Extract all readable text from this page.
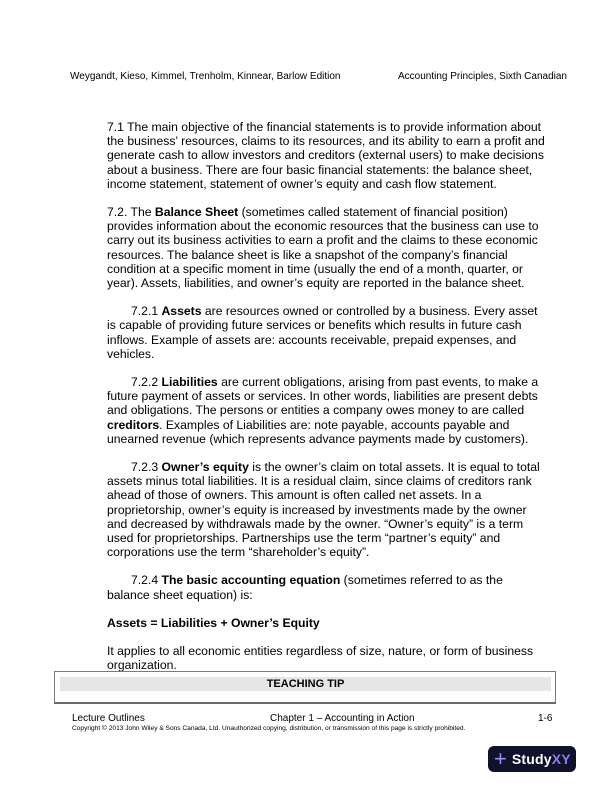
Weygandt, Kieso, Kimmel, Trenholm, Kinnear, Barlow Edition	Accounting Principles, Sixth Canadian

7.1 The main objective of the financial statements is to provide information about the business’ resources, claims to its resources, and its ability to earn a profit and generate cash to allow investors and creditors (external users) to make decisions about a business. There are four basic financial statements: the balance sheet, income statement, statement of owner’s equity and cash flow statement.

7.2. The Balance Sheet (sometimes called statement of financial position) provides information about the economic resources that the business can use to carry out its business activities to earn a profit and the claims to these economic resources. The balance sheet is like a snapshot of the company’s financial condition at a specific moment in time (usually the end of a month, quarter, or year). Assets, liabilities, and owner’s equity are reported in the balance sheet.

7.2.1 Assets are resources owned or controlled by a business. Every asset is capable of providing future services or benefits which results in future cash inflows. Example of assets are: accounts receivable, prepaid expenses, and vehicles.

7.2.2 Liabilities are current obligations, arising from past events, to make a future payment of assets or services. In other words, liabilities are present debts and obligations. The persons or entities a company owes money to are called creditors. Examples of Liabilities are: note payable, accounts payable and unearned revenue (which represents advance payments made by customers).

7.2.3 Owner’s equity is the owner’s claim on total assets. It is equal to total assets minus total liabilities. It is a residual claim, since claims of creditors rank ahead of those of owners. This amount is often called net assets. In a proprietorship, owner’s equity is increased by investments made by the owner and decreased by withdrawals made by the owner. “Owner’s equity” is a term used for proprietorships. Partnerships use the term “partner’s equity” and corporations use the term “shareholder’s equity”.

7.2.4 The basic accounting equation (sometimes referred to as the balance sheet equation) is:

Assets = Liabilities + Owner’s Equity

It applies to all economic entities regardless of size, nature, or form of business organization.

TEACHING TIP
Lecture Outlines	Chapter 1 – Accounting in Action	1-6
Copyright © 2013 John Wiley & Sons Canada, Ltd. Unauthorized copying, distribution, or transmission of this page is strictly prohibited.
+ StudyXY
